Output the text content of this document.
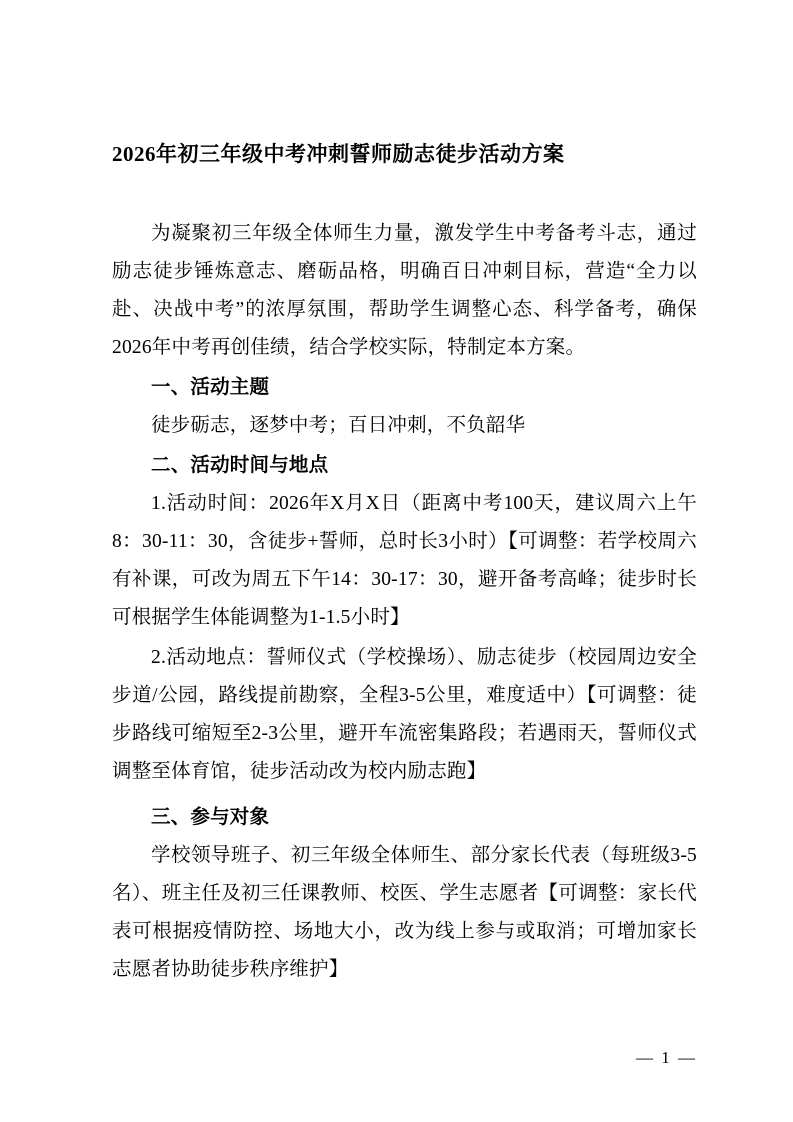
2026年初三年级中考冲刺誓师励志徒步活动方案

为凝聚初三年级全体师生力量，激发学生中考备考斗志，通过励志徒步锤炼意志、磨砺品格，明确百日冲刺目标，营造“全力以赴、决战中考”的浓厚氛围，帮助学生调整心态、科学备考，确保2026年中考再创佳绩，结合学校实际，特制定本方案。

一、活动主题

徒步砺志，逐梦中考；百日冲刺，不负韶华

二、活动时间与地点

1.活动时间：2026年X月X日（距离中考100天，建议周六上午8：30-11：30，含徒步+誓师，总时长3小时）【可调整：若学校周六有补课，可改为周五下午14：30-17：30，避开备考高峰；徒步时长可根据学生体能调整为1-1.5小时】

2.活动地点：誓师仪式（学校操场）、励志徒步（校园周边安全步道/公园，路线提前勘察，全程3-5公里，难度适中）【可调整：徒步路线可缩短至2-3公里，避开车流密集路段；若遇雨天，誓师仪式调整至体育馆，徒步活动改为校内励志跑】

三、参与对象

学校领导班子、初三年级全体师生、部分家长代表（每班级3-5名）、班主任及初三任课教师、校医、学生志愿者【可调整：家长代表可根据疫情防控、场地大小，改为线上参与或取消；可增加家长志愿者协助徒步秩序维护】

— 1 —
